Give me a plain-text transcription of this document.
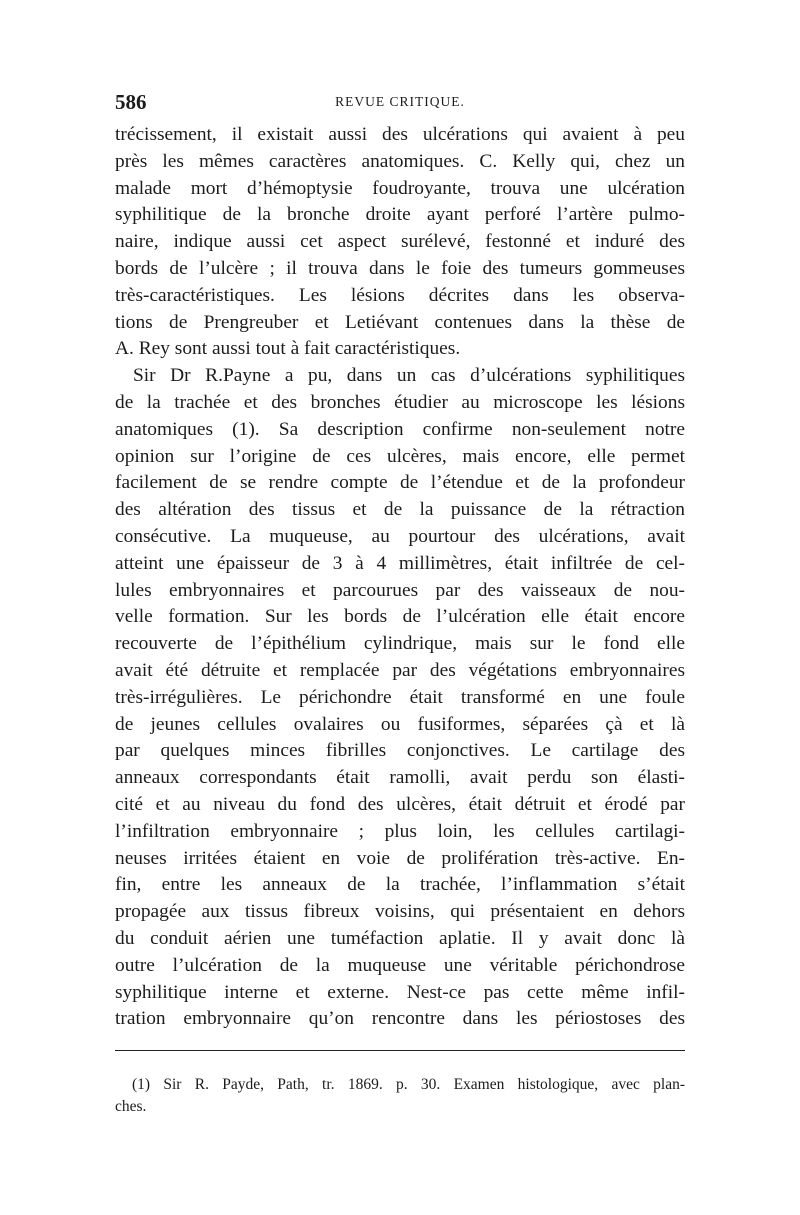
586	REVUE CRITIQUE.
trécissement, il existait aussi des ulcérations qui avaient à peu
près les mêmes caractères anatomiques. C. Kelly qui, chez un
malade mort d’hémoptysie foudroyante, trouva une ulcération
syphilitique de la bronche droite ayant perforé l’artère pulmo-
naire, indique aussi cet aspect surélevé, festonné et induré des
bords de l’ulcère ; il trouva dans le foie des tumeurs gommeuses
très-caractéristiques. Les lésions décrites dans les observa-
tions de Prengreuber et Letiévant contenues dans la thèse de
A. Rey sont aussi tout à fait caractéristiques.
Sir Dr R.Payne a pu, dans un cas d’ulcérations syphilitiques
de la trachée et des bronches étudier au microscope les lésions
anatomiques (1). Sa description confirme non-seulement notre
opinion sur l’origine de ces ulcères, mais encore, elle permet
facilement de se rendre compte de l’étendue et de la profondeur
des altération des tissus et de la puissance de la rétraction
consécutive. La muqueuse, au pourtour des ulcérations, avait
atteint une épaisseur de 3 à 4 millimètres, était infiltrée de cel-
lules embryonnaires et parcourues par des vaisseaux de nou-
velle formation. Sur les bords de l’ulcération elle était encore
recouverte de l’épithélium cylindrique, mais sur le fond elle
avait été détruite et remplacée par des végétations embryonnaires
très-irrégulières. Le périchondre était transformé en une foule
de jeunes cellules ovalaires ou fusiformes, séparées çà et là
par quelques minces fibrilles conjonctives. Le cartilage des
anneaux correspondants était ramolli, avait perdu son élasti-
cité et au niveau du fond des ulcères, était détruit et érodé par
l’infiltration embryonnaire ; plus loin, les cellules cartilagi-
neuses irritées étaient en voie de prolifération très-active. En-
fin, entre les anneaux de la trachée, l’inflammation s’était
propagée aux tissus fibreux voisins, qui présentaient en dehors
du conduit aérien une tuméfaction aplatie. Il y avait donc là
outre l’ulcération de la muqueuse une véritable périchondrose
syphilitique interne et externe. Nest-ce pas cette même infil-
tration embryonnaire qu’on rencontre dans les périostoses des
(1) Sir R. Payde, Path, tr. 1869. p. 30. Examen histologique, avec plan-
ches.
